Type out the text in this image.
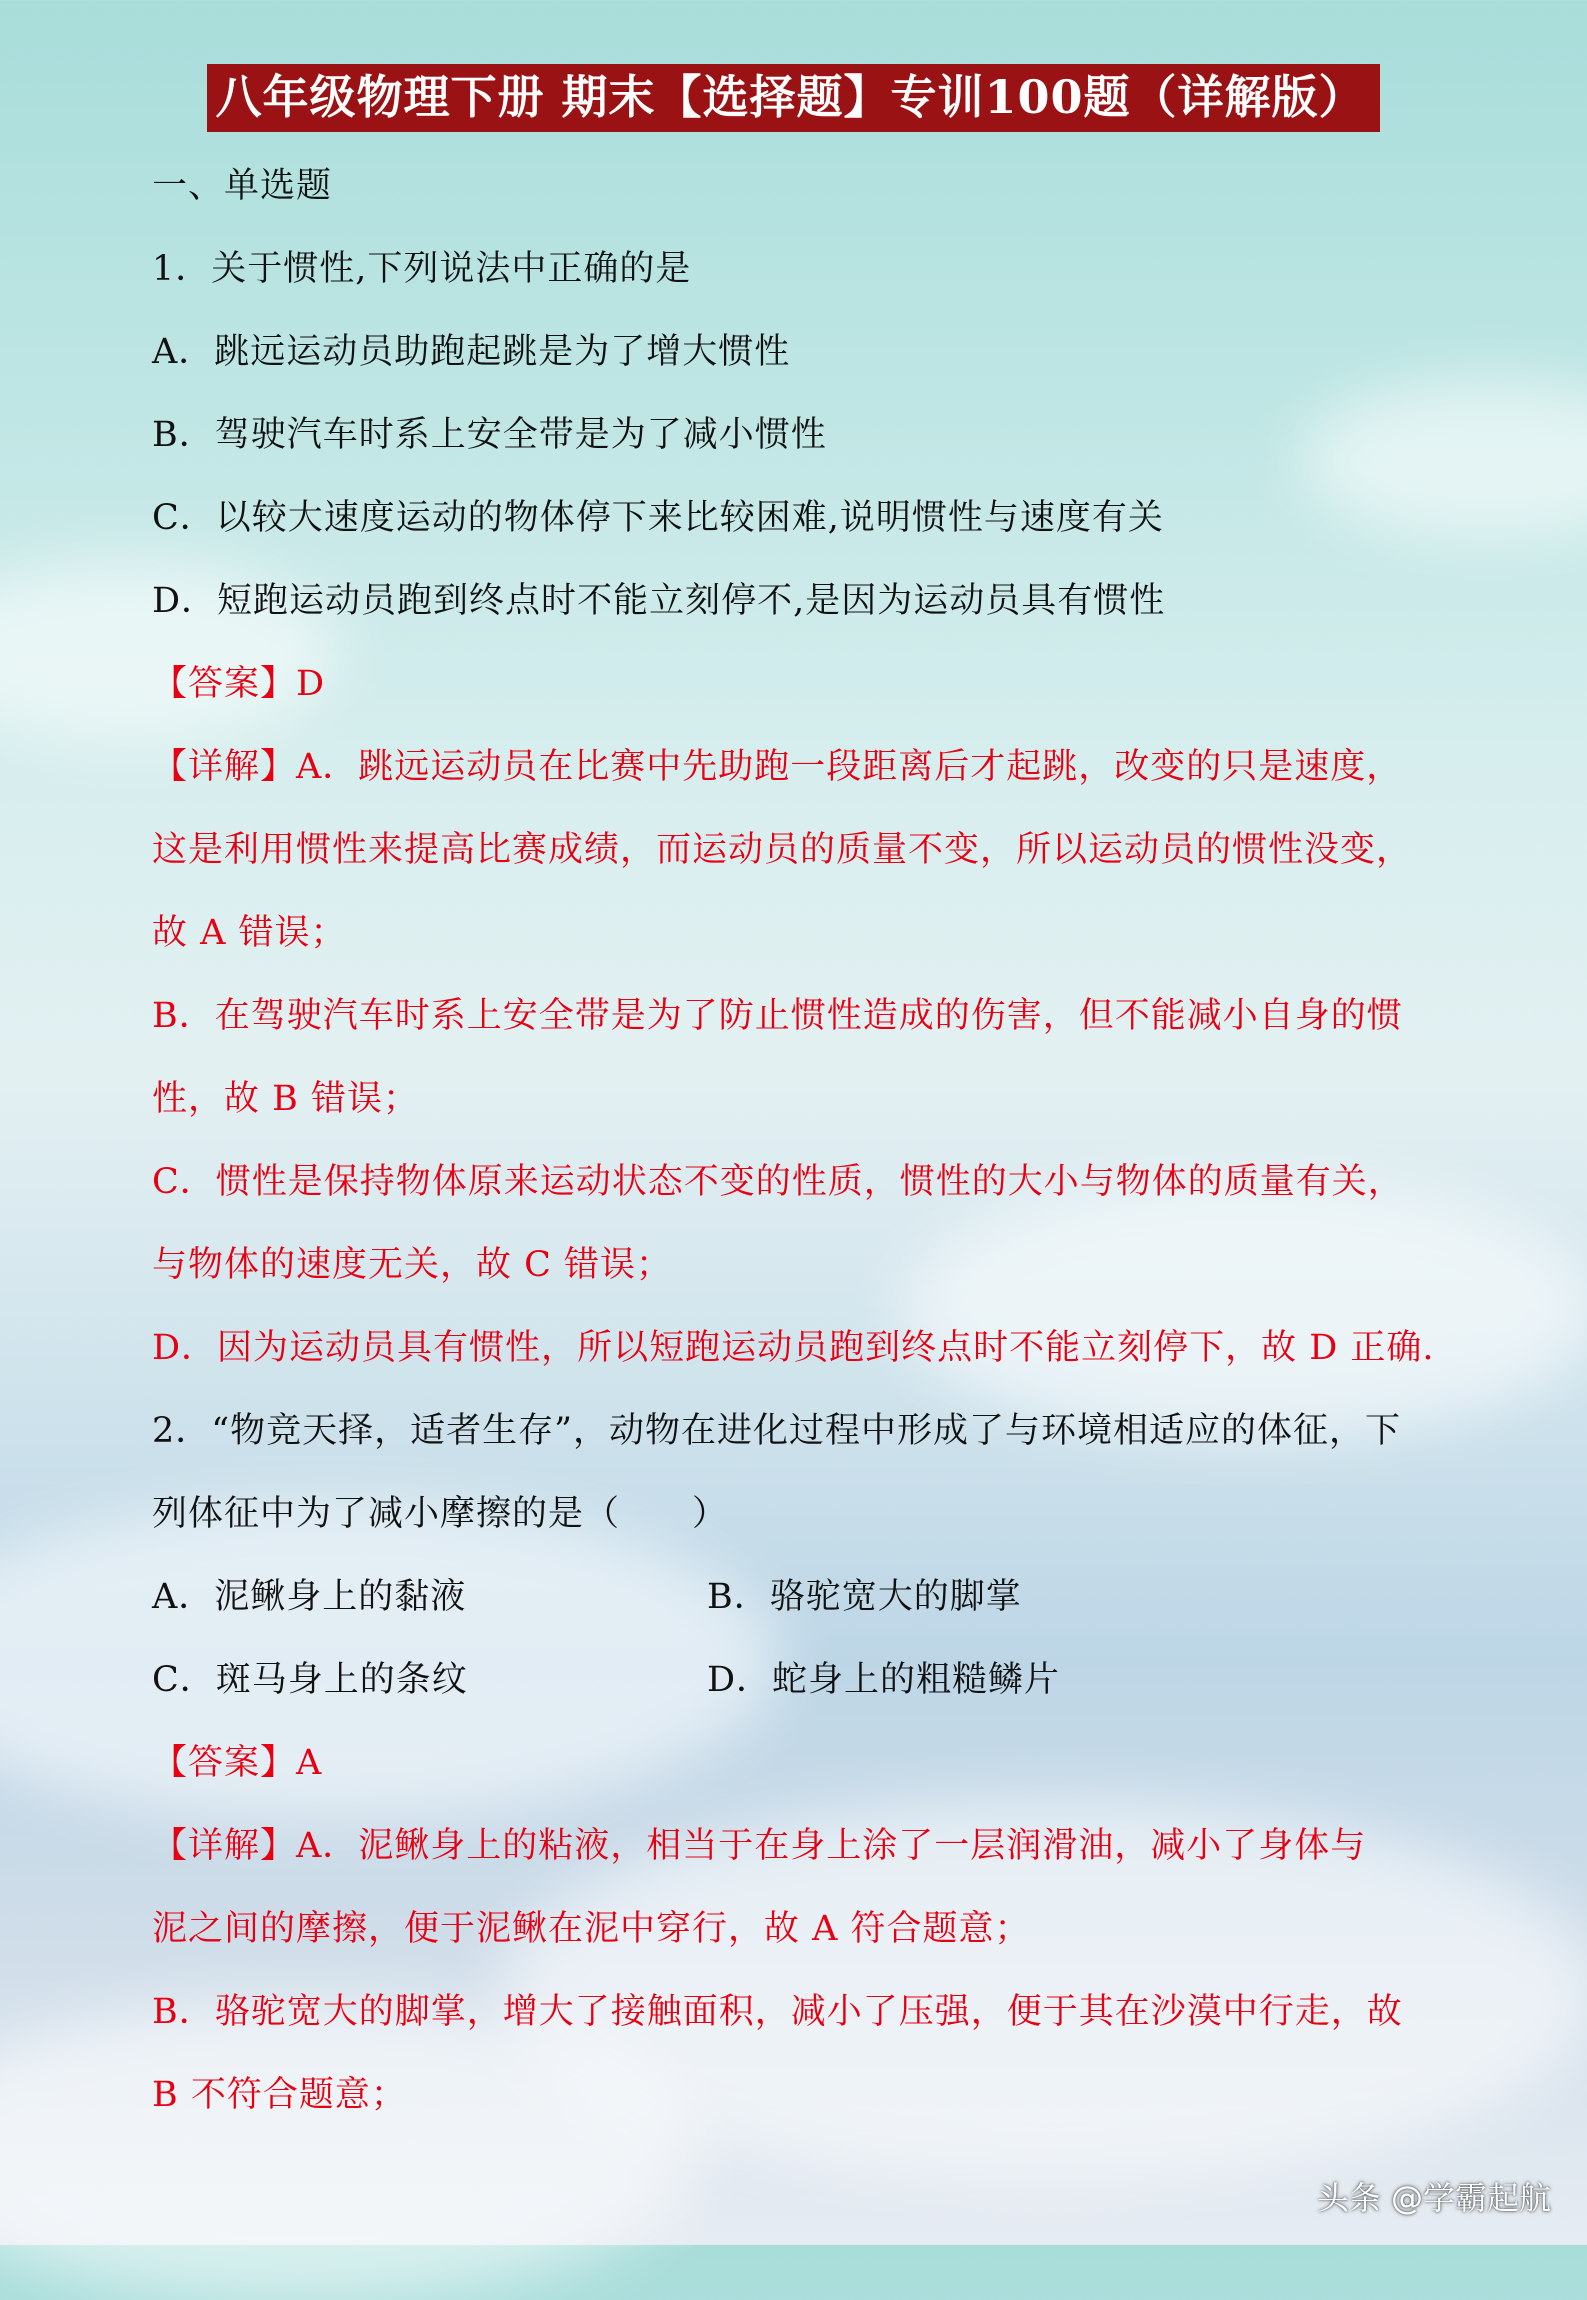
八年级物理下册 期末【选择题】专训100题（详解版）
一、单选题
1．关于惯性,下列说法中正确的是
A．跳远运动员助跑起跳是为了增大惯性
B．驾驶汽车时系上安全带是为了减小惯性
C．以较大速度运动的物体停下来比较困难,说明惯性与速度有关
D．短跑运动员跑到终点时不能立刻停不,是因为运动员具有惯性
【答案】D
【详解】A．跳远运动员在比赛中先助跑一段距离后才起跳，改变的只是速度，
这是利用惯性来提高比赛成绩，而运动员的质量不变，所以运动员的惯性没变，
故 A 错误；
B．在驾驶汽车时系上安全带是为了防止惯性造成的伤害，但不能减小自身的惯
性，故 B 错误；
C．惯性是保持物体原来运动状态不变的性质，惯性的大小与物体的质量有关，
与物体的速度无关，故 C 错误；
D．因为运动员具有惯性，所以短跑运动员跑到终点时不能立刻停下，故 D 正确.
2．“物竞天择，适者生存”，动物在进化过程中形成了与环境相适应的体征，下
列体征中为了减小摩擦的是（　　）
A．泥鳅身上的黏液	B．骆驼宽大的脚掌
C．斑马身上的条纹	D．蛇身上的粗糙鳞片
【答案】A
【详解】A．泥鳅身上的粘液，相当于在身上涂了一层润滑油，减小了身体与
泥之间的摩擦，便于泥鳅在泥中穿行，故 A 符合题意；
B．骆驼宽大的脚掌，增大了接触面积，减小了压强，便于其在沙漠中行走，故
B 不符合题意；
头条 @学霸起航
